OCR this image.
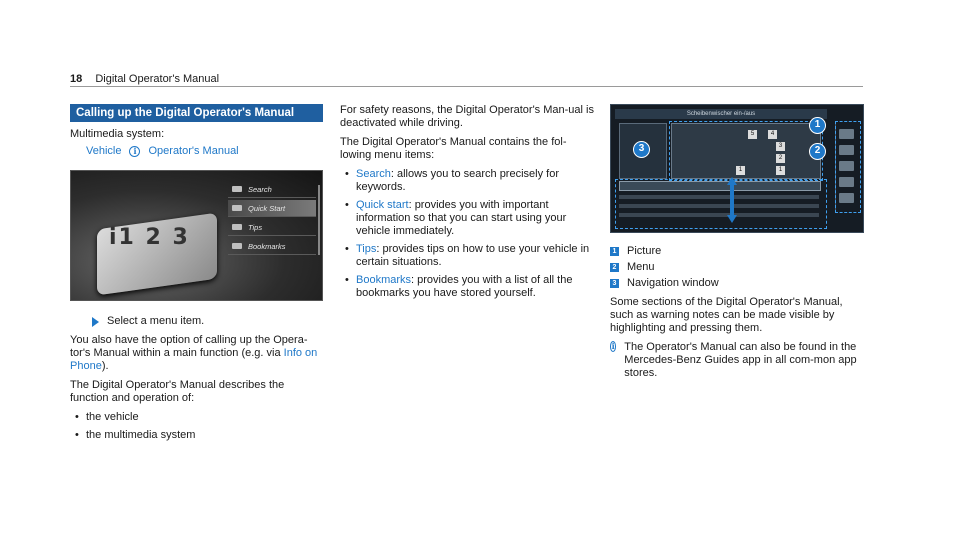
18 Digital Operator's Manual
Calling up the Digital Operator's Manual

Multimedia system:

Vehicle	i	Operator's Manual
i1 2 3
Search
Quick Start
Tips
Bookmarks
Select a menu item.

You also have the option of calling up the Opera-tor's Manual within a main function (e.g. via Info on Phone).

The Digital Operator's Manual describes the function and operation of:

• the vehicle
• the multimedia system

For safety reasons, the Digital Operator's Man-ual is deactivated while driving.

The Digital Operator's Manual contains the fol-lowing menu items:

• Search: allows you to search precisely for keywords.
• Quick start: provides you with important information so that you can start using your vehicle immediately.
• Tips: provides tips on how to use your vehicle in certain situations.
• Bookmarks: provides you with a list of all the bookmarks you have stored yourself.
Scheibenwischer ein-/aus
5	4
3
2
1
1
1
2
3
1 Picture
2 Menu
3 Navigation window

Some sections of the Digital Operator's Manual, such as warning notes can be made visible by highlighting and pressing them.

i The Operator's Manual can also be found in the Mercedes-Benz Guides app in all com-mon app stores.
